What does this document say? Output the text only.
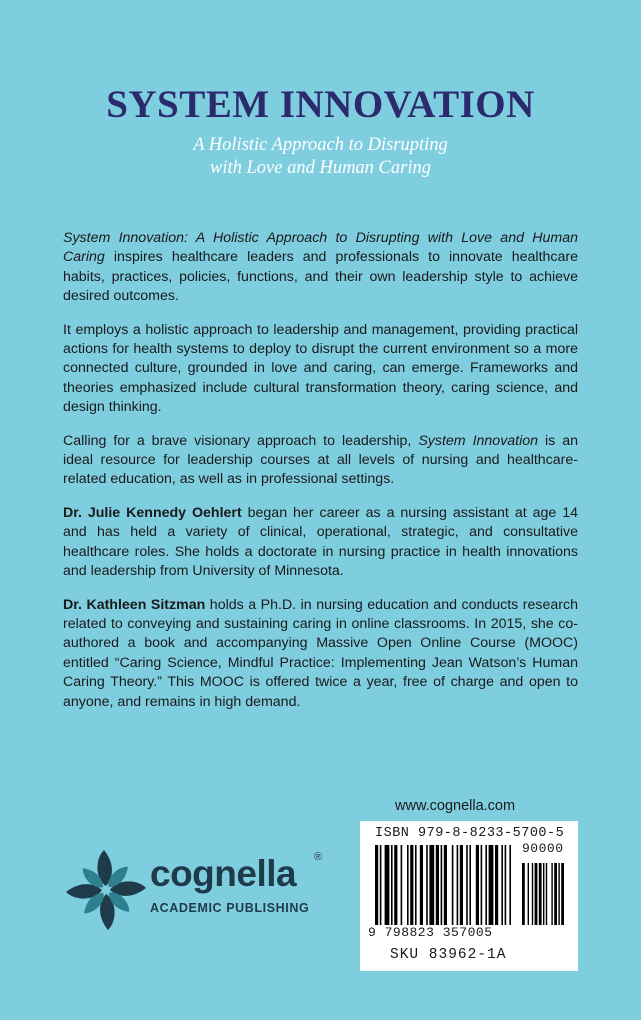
SYSTEM INNOVATION
A Holistic Approach to Disrupting
with Love and Human Caring

System Innovation: A Holistic Approach to Disrupting with Love and Human Caring inspires healthcare leaders and professionals to innovate healthcare habits, practices, policies, functions, and their own leadership style to achieve desired outcomes.

It employs a holistic approach to leadership and management, providing practical actions for health systems to deploy to disrupt the current environment so a more connected culture, grounded in love and caring, can emerge. Frameworks and theories emphasized include cultural transformation theory, caring science, and design thinking.

Calling for a brave visionary approach to leadership, System Innovation is an ideal resource for leadership courses at all levels of nursing and healthcare-related education, as well as in professional settings.

Dr. Julie Kennedy Oehlert began her career as a nursing assistant at age 14 and has held a variety of clinical, operational, strategic, and consultative healthcare roles. She holds a doctorate in nursing practice in health innovations and leadership from University of Minnesota.

Dr. Kathleen Sitzman holds a Ph.D. in nursing education and conducts research related to conveying and sustaining caring in online classrooms. In 2015, she co-authored a book and accompanying Massive Open Online Course (MOOC) entitled “Caring Science, Mindful Practice: Implementing Jean Watson’s Human Caring Theory.” This MOOC is offered twice a year, free of charge and open to anyone, and remains in high demand.

www.cognella.com
cognella ®
ACADEMIC PUBLISHING
ISBN 979-8-8233-5700-5
90000
9 798823 357005
SKU 83962-1A
